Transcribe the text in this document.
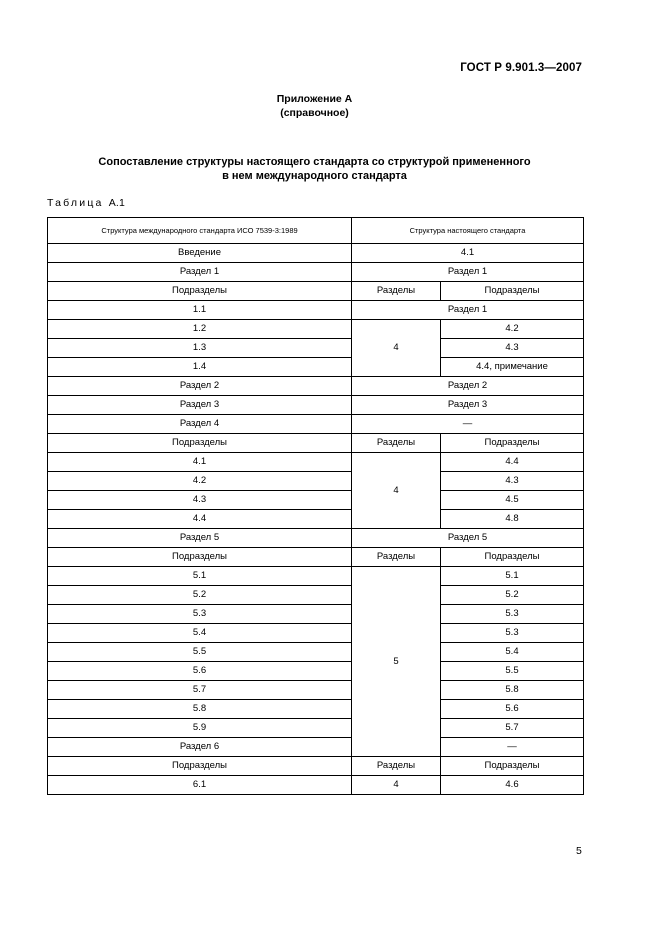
ГОСТ Р 9.901.3—2007
Приложение А
(справочное)
Сопоставление структуры настоящего стандарта со структурой примененного
в нем международного стандарта
Таблица А.1
Структура международного стандарта ИСО 7539-3:1989	Структура настоящего стандарта	
Введение	4.1	
Раздел 1	Раздел 1	
Подразделы	Разделы	Подразделы
1.1	Раздел 1	
1.2	4	4.2
1.3		4.3
1.4		4.4, примечание
Раздел 2	Раздел 2	
Раздел 3	Раздел 3	
Раздел 4	—	
Подразделы	Разделы	Подразделы
4.1	4	4.4
4.2		4.3
4.3		4.5
4.4		4.8
Раздел 5	Раздел 5	
Подразделы	Разделы	Подразделы
5.1	5	5.1
5.2		5.2
5.3		5.3
5.4		5.3
5.5		5.4
5.6		5.5
5.7		5.8
5.8		5.6
5.9		5.7
Раздел 6		—
Подразделы	Разделы	Подразделы
6.1	4	4.6
5
